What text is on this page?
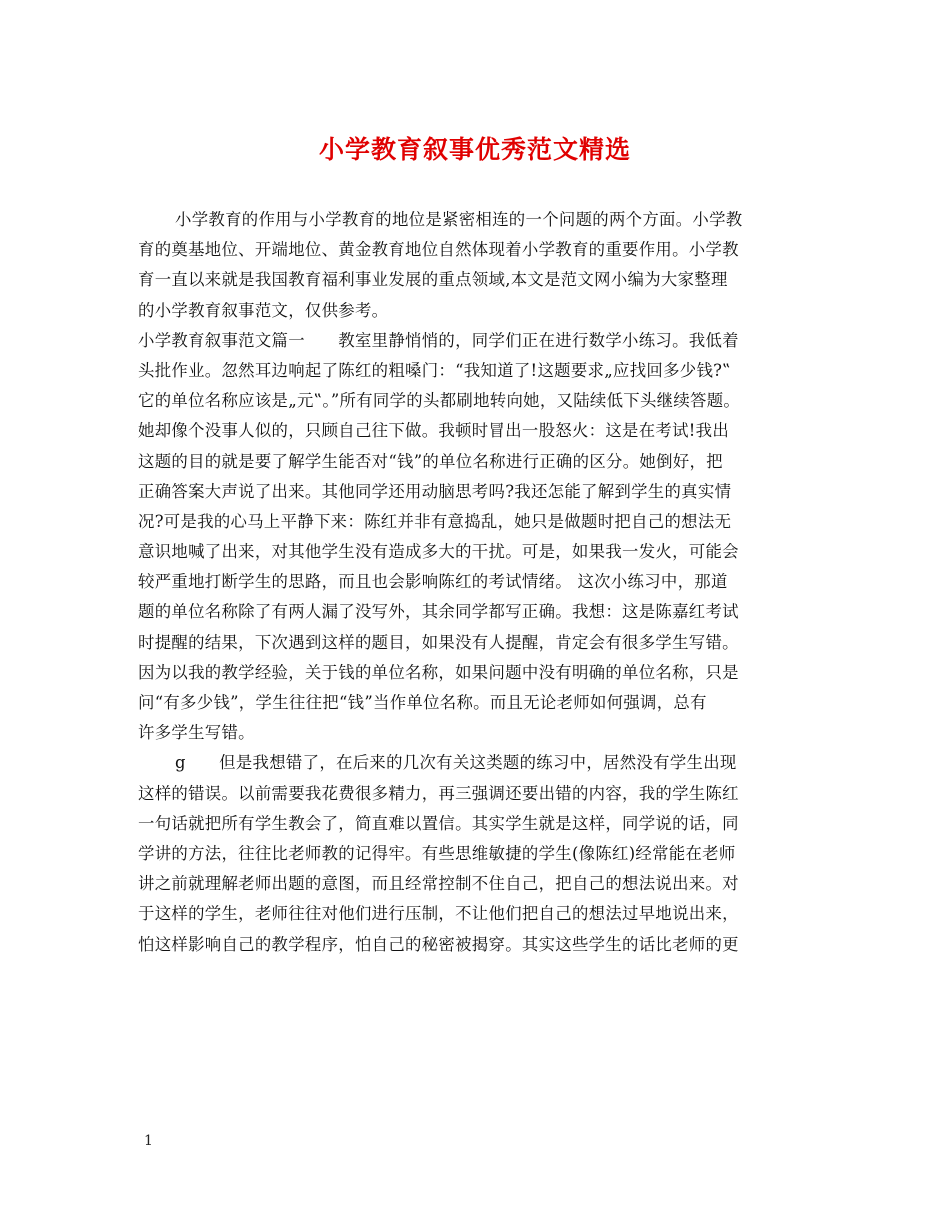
小学教育叙事优秀范文精选
小学教育的作用与小学教育的地位是紧密相连的一个问题的两个方面。小学教
育的奠基地位、开端地位、黄金教育地位自然体现着小学教育的重要作用。小学教
育一直以来就是我国教育福利事业发展的重点领域,本文是范文网小编为大家整理
的小学教育叙事范文，仅供参考。
小学教育叙事范文篇一　　教室里静悄悄的，同学们正在进行数学小练习。我低着
头批作业。忽然耳边响起了陈红的粗嗓门：“我知道了!这题要求„应找回多少钱?‟
它的单位名称应该是„元‟。”所有同学的头都刷地转向她，又陆续低下头继续答题。
她却像个没事人似的，只顾自己往下做。我顿时冒出一股怒火：这是在考试!我出
这题的目的就是要了解学生能否对“钱”的单位名称进行正确的区分。她倒好，把
正确答案大声说了出来。其他同学还用动脑思考吗?我还怎能了解到学生的真实情
况?可是我的心马上平静下来：陈红并非有意捣乱，她只是做题时把自己的想法无
意识地喊了出来，对其他学生没有造成多大的干扰。可是，如果我一发火，可能会
较严重地打断学生的思路，而且也会影响陈红的考试情绪。 这次小练习中，那道
题的单位名称除了有两人漏了没写外，其余同学都写正确。我想：这是陈嘉红考试
时提醒的结果，下次遇到这样的题目，如果没有人提醒，肯定会有很多学生写错。
因为以我的教学经验，关于钱的单位名称，如果问题中没有明确的单位名称，只是
问“有多少钱”，学生往往把“钱”当作单位名称。而且无论老师如何强调，总有
许多学生写错。
g　　但是我想错了，在后来的几次有关这类题的练习中，居然没有学生出现
这样的错误。以前需要我花费很多精力，再三强调还要出错的内容，我的学生陈红
一句话就把所有学生教会了，简直难以置信。其实学生就是这样，同学说的话，同
学讲的方法，往往比老师教的记得牢。有些思维敏捷的学生(像陈红)经常能在老师
讲之前就理解老师出题的意图，而且经常控制不住自己，把自己的想法说出来。对
于这样的学生，老师往往对他们进行压制，不让他们把自己的想法过早地说出来，
怕这样影响自己的教学程序，怕自己的秘密被揭穿。其实这些学生的话比老师的更
1
